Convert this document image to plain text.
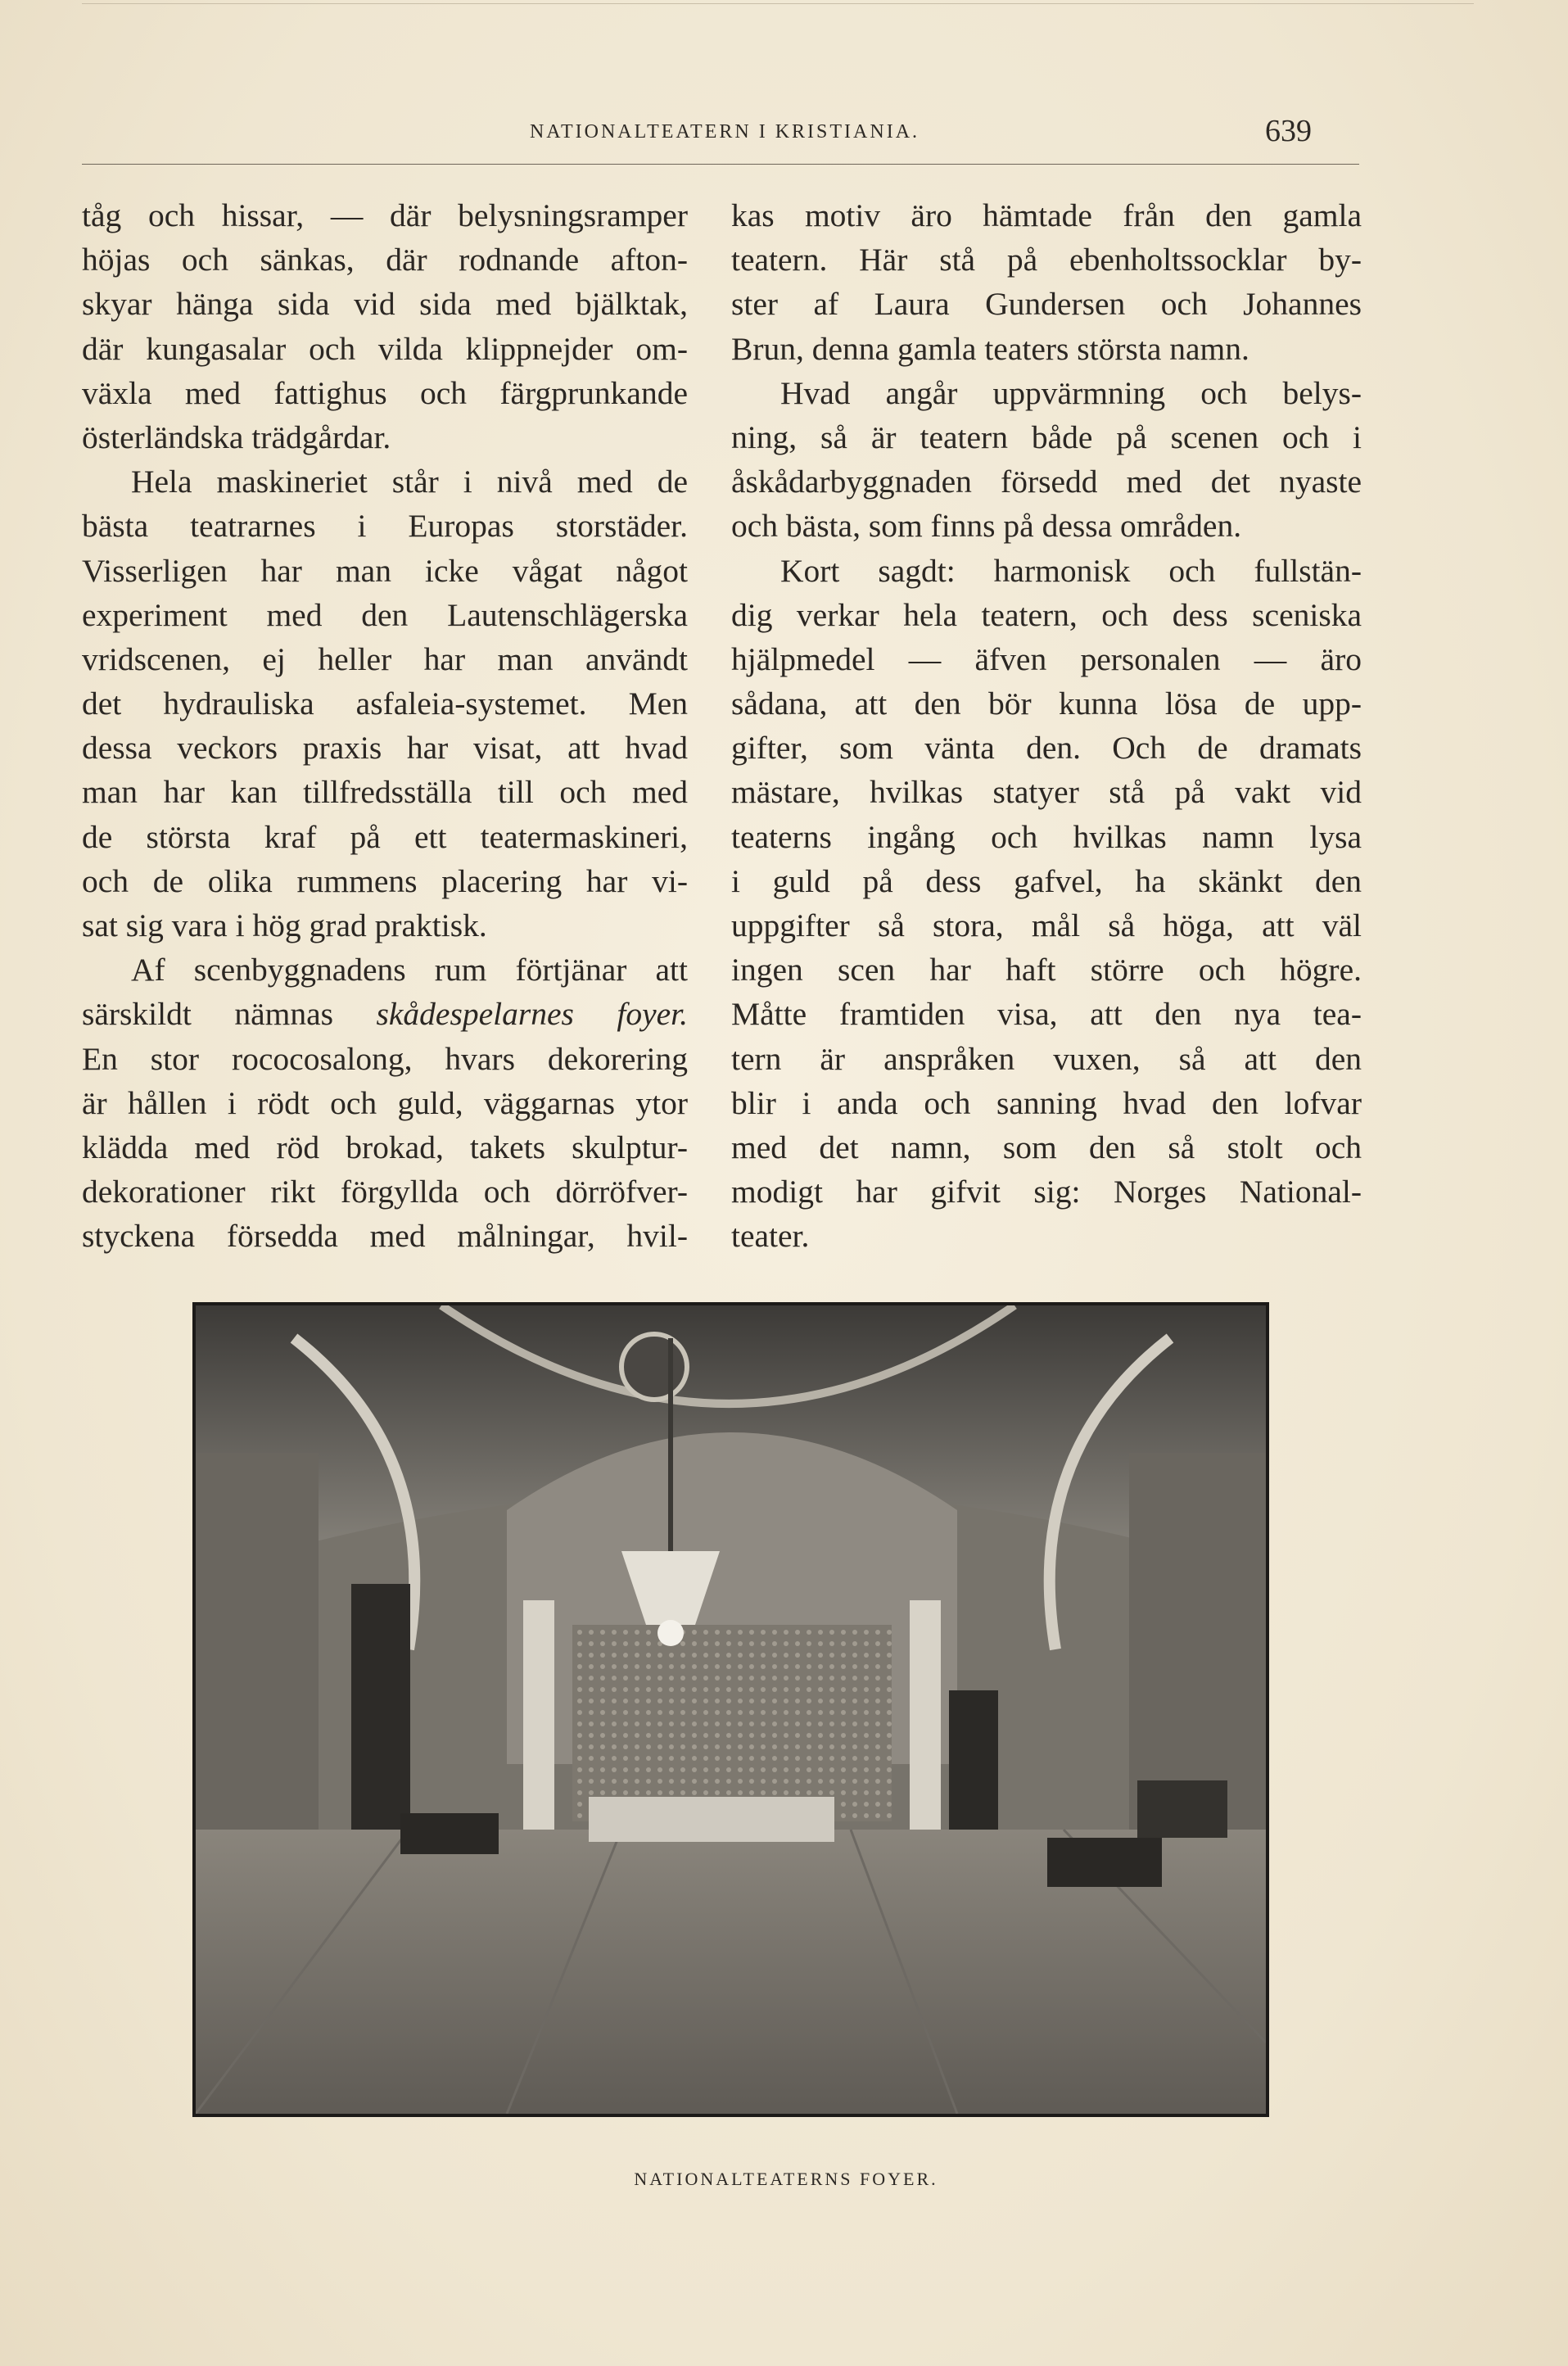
NATIONALTEATERN I KRISTIANIA.	639
tåg och hissar, — där belysningsramper
höjas och sänkas, där rodnande afton-
skyar hänga sida vid sida med bjälktak,
där kungasalar och vilda klippnejder om-
växla med fattighus och färgprunkande
österländska trädgårdar.
Hela maskineriet står i nivå med de
bästa teatrarnes i Europas storstäder.
Visserligen har man icke vågat något
experiment med den Lautenschlägerska
vridscenen, ej heller har man användt
det hydrauliska asfaleia-systemet. Men
dessa veckors praxis har visat, att hvad
man har kan tillfredsställa till och med
de största kraf på ett teatermaskineri,
och de olika rummens placering har vi-
sat sig vara i hög grad praktisk.
Af scenbyggnadens rum förtjänar att
särskildt nämnas skådespelarnes foyer.
En stor rococosalong, hvars dekorering
är hållen i rödt och guld, väggarnas ytor
klädda med röd brokad, takets skulptur-
dekorationer rikt förgyllda och dörröfver-
styckena försedda med målningar, hvil-
kas motiv äro hämtade från den gamla
teatern. Här stå på ebenholtssocklar by-
ster af Laura Gundersen och Johannes
Brun, denna gamla teaters största namn.
Hvad angår uppvärmning och belys-
ning, så är teatern både på scenen och i
åskådarbyggnaden försedd med det nyaste
och bästa, som finns på dessa områden.
Kort sagdt: harmonisk och fullstän-
dig verkar hela teatern, och dess sceniska
hjälpmedel — äfven personalen — äro
sådana, att den bör kunna lösa de upp-
gifter, som vänta den. Och de dramats
mästare, hvilkas statyer stå på vakt vid
teaterns ingång och hvilkas namn lysa
i guld på dess gafvel, ha skänkt den
uppgifter så stora, mål så höga, att väl
ingen scen har haft större och högre.
Måtte framtiden visa, att den nya tea-
tern är anspråken vuxen, så att den
blir i anda och sanning hvad den lofvar
med det namn, som den så stolt och
modigt har gifvit sig: Norges National-
teater.
NATIONALTEATERNS FOYER.
